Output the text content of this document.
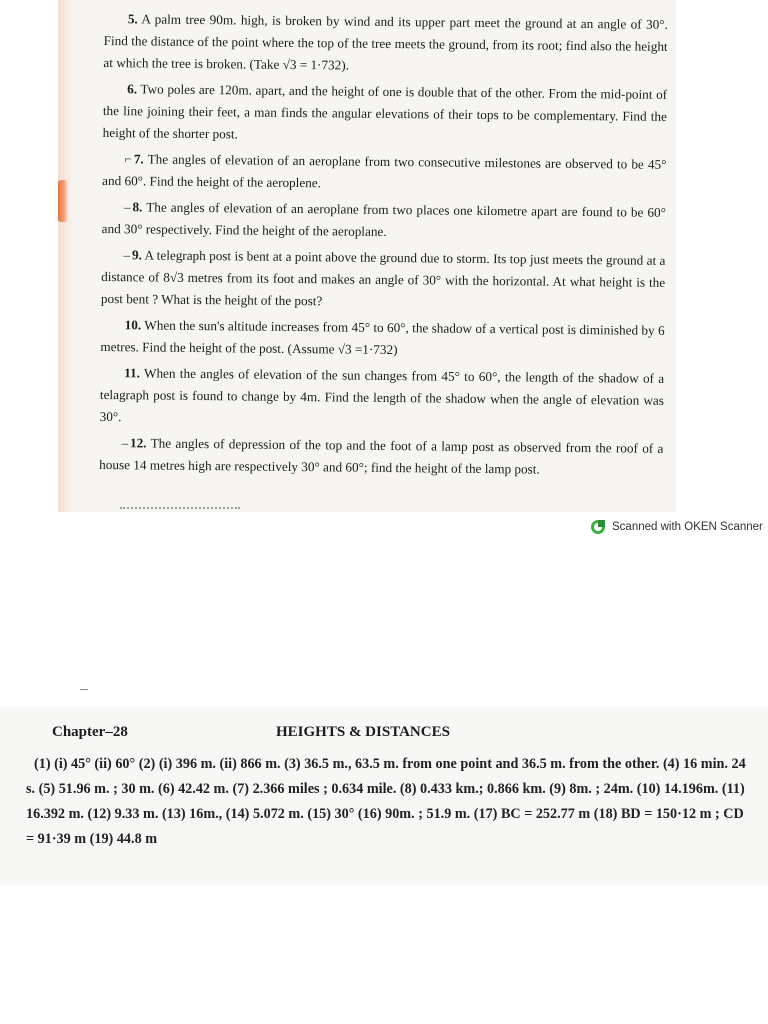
5. A palm tree 90m. high, is broken by wind and its upper part meet the ground at an angle of 30°. Find the distance of the point where the top of the tree meets the ground, from its root; find also the height at which the tree is broken. (Take √3 = 1·732).

6. Two poles are 120m. apart, and the height of one is double that of the other. From the mid-point of the line joining their feet, a man finds the angular elevations of their tops to be complementary. Find the height of the shorter post.

⌐ 7. The angles of elevation of an aeroplane from two consecutive milestones are observed to be 45° and 60°. Find the height of the aeroplene.

– 8. The angles of elevation of an aeroplane from two places one kilometre apart are found to be 60° and 30° respectively. Find the height of the aeroplane.

– 9. A telegraph post is bent at a point above the ground due to storm. Its top just meets the ground at a distance of 8√3 metres from its foot and makes an angle of 30° with the horizontal. At what height is the post bent ? What is the height of the post?

10. When the sun's altitude increases from 45° to 60°, the shadow of a vertical post is diminished by 6 metres. Find the height of the post. (Assume √3 =1·732)

11. When the angles of elevation of the sun changes from 45° to 60°, the length of the shadow of a telagraph post is found to change by 4m. Find the length of the shadow when the angle of elevation was 30°.

– 12. The angles of depression of the top and the foot of a lamp post as observed from the roof of a house 14 metres high are respectively 30° and 60°; find the height of the lamp post.

Scanned with OKEN Scanner
Chapter–28	HEIGHTS & DISTANCES
(1) (i) 45° (ii) 60° (2) (i) 396 m. (ii) 866 m. (3) 36.5 m., 63.5 m. from one point and 36.5 m. from the other. (4) 16 min. 24 s. (5) 51.96 m. ; 30 m. (6) 42.42 m. (7) 2.366 miles ; 0.634 mile. (8) 0.433 km.; 0.866 km. (9) 8m. ; 24m. (10) 14.196m. (11) 16.392 m. (12) 9.33 m. (13) 16m., (14) 5.072 m. (15) 30° (16) 90m. ; 51.9 m. (17) BC = 252.77 m (18) BD = 150·12 m ; CD = 91·39 m (19) 44.8 m
